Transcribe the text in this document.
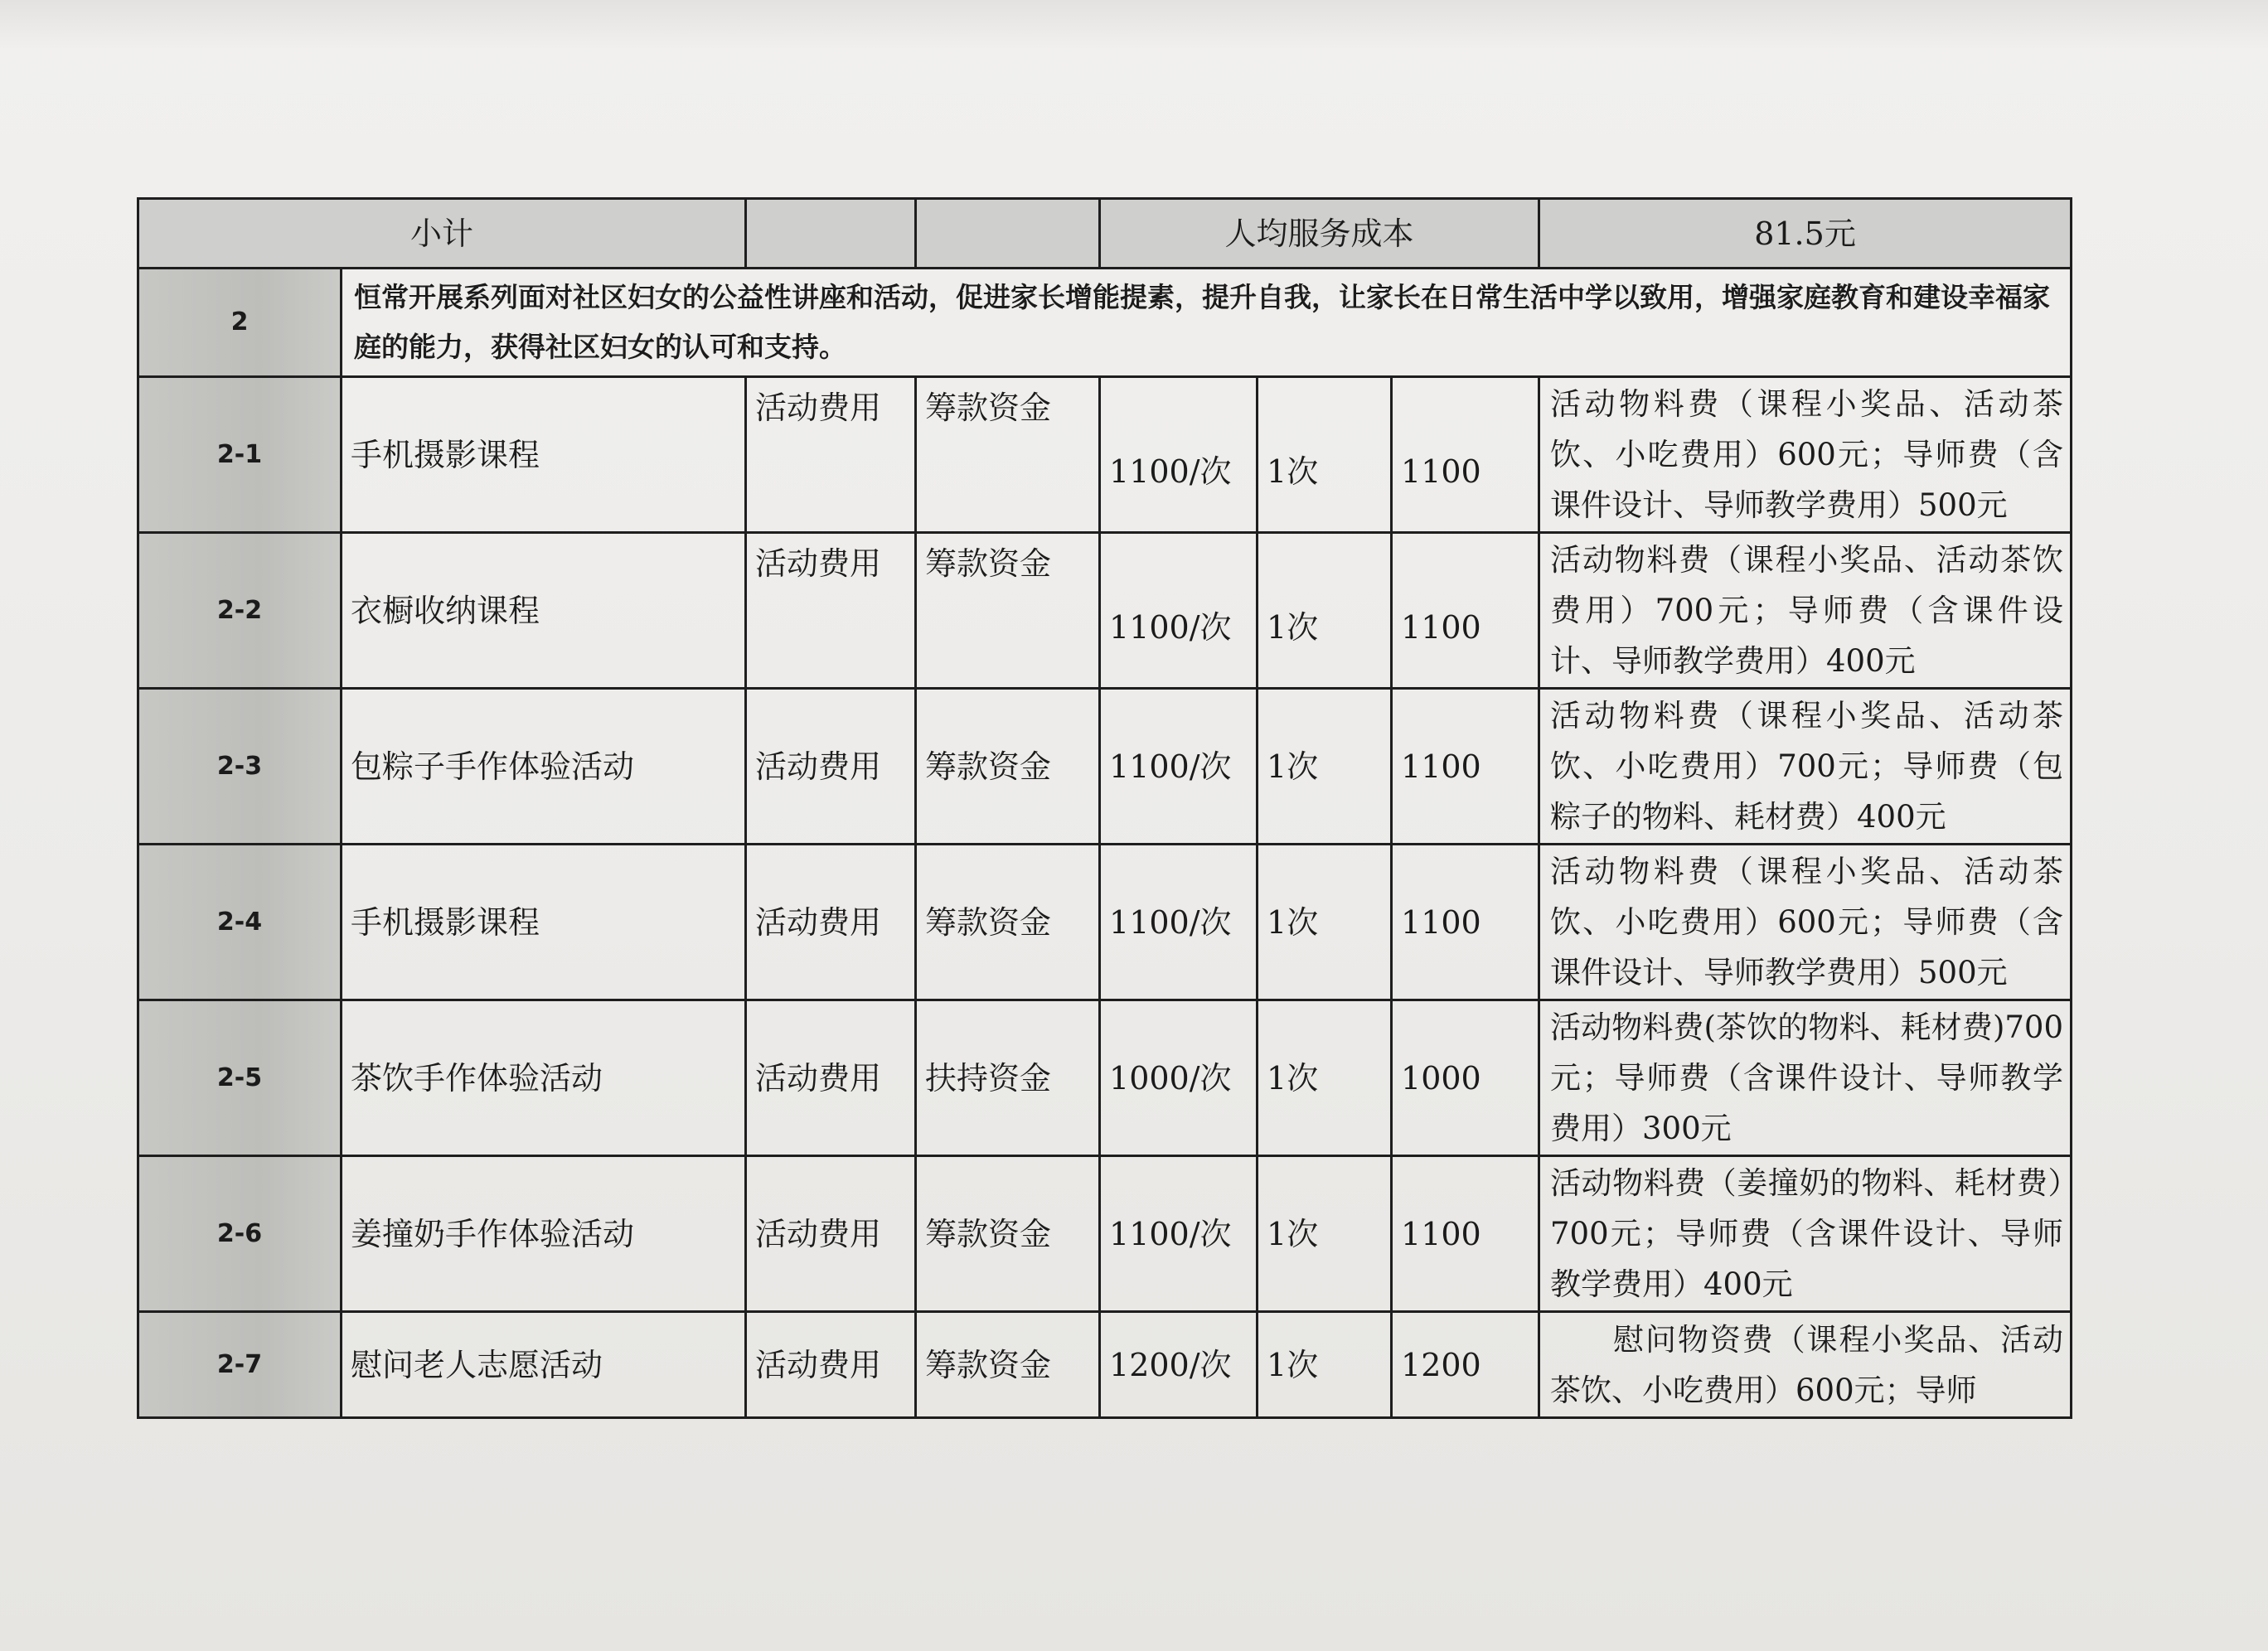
小计				人均服务成本			81.5元
2	恒常开展系列面对社区妇女的公益性讲座和活动，促进家长增能提素，提升自我，让家长在日常生活中学以致用，增强家庭教育和建设幸福家庭的能力，获得社区妇女的认可和支持。						
2-1	手机摄影课程	活动费用	筹款资金	1100/次	1次	1100	活动物料费（课程小奖品、活动茶饮、小吃费用）600元；导师费（含课件设计、导师教学费用）500元
2-2	衣橱收纳课程	活动费用	筹款资金	1100/次	1次	1100	活动物料费（课程小奖品、活动茶饮费用）700元；导师费（含课件设计、导师教学费用）400元
2-3	包粽子手作体验活动	活动费用	筹款资金	1100/次	1次	1100	活动物料费（课程小奖品、活动茶饮、小吃费用）700元；导师费（包粽子的物料、耗材费）400元
2-4	手机摄影课程	活动费用	筹款资金	1100/次	1次	1100	活动物料费（课程小奖品、活动茶饮、小吃费用）600元；导师费（含课件设计、导师教学费用）500元
2-5	茶饮手作体验活动	活动费用	扶持资金	1000/次	1次	1000	活动物料费(茶饮的物料、耗材费)700元；导师费（含课件设计、导师教学费用）300元
2-6	姜撞奶手作体验活动	活动费用	筹款资金	1100/次	1次	1100	活动物料费（姜撞奶的物料、耗材费）700元；导师费（含课件设计、导师教学费用）400元
2-7	慰问老人志愿活动	活动费用	筹款资金	1200/次	1次	1200	慰问物资费（课程小奖品、活动茶饮、小吃费用）600元；导师
